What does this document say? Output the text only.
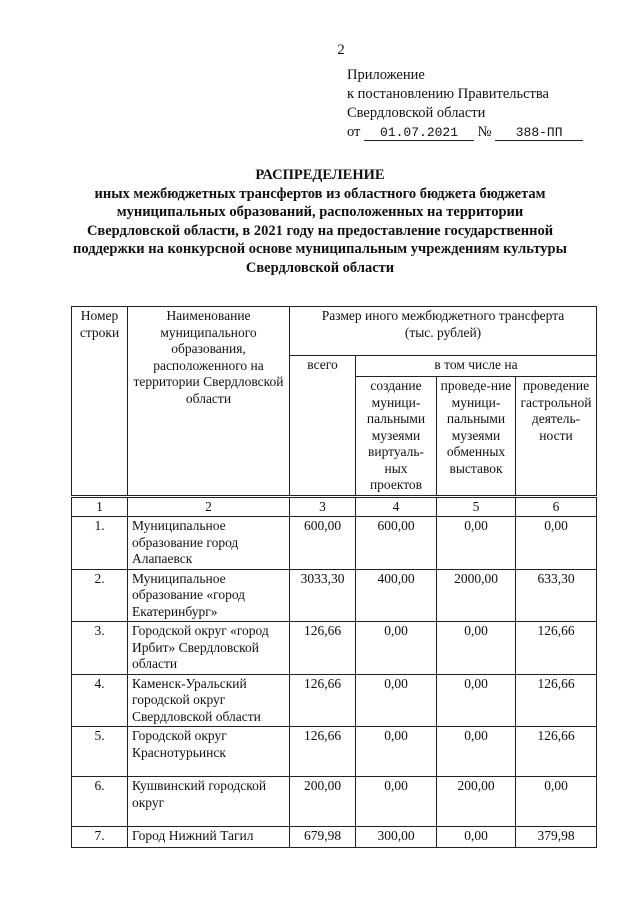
2
Приложение
к постановлению Правительства
Свердловской области
от 01.07.2021 № 388-ПП
РАСПРЕДЕЛЕНИЕ
иных межбюджетных трансфертов из областного бюджета бюджетам
муниципальных образований, расположенных на территории
Свердловской области, в 2021 году на предоставление государственной
поддержки на конкурсной основе муниципальным учреждениям культуры
Свердловской области
Номер строки	Наименование муниципального образования, расположенного на территории Свердловской области	Размер иного межбюджетного трансферта (тыс. рублей)			
		всего	в том числе на		
			создание муници-пальными музеями виртуаль-ных проектов	проведе-ние муници-пальными музеями обменных выставок	проведение гастрольной деятель-ности
1	2	3	4	5	6
1.	Муниципальное образование город Алапаевск	600,00	600,00	0,00	0,00
2.	Муниципальное образование «город Екатеринбург»	3033,30	400,00	2000,00	633,30
3.	Городской округ «город Ирбит» Свердловской области	126,66	0,00	0,00	126,66
4.	Каменск-Уральский городской округ Свердловской области	126,66	0,00	0,00	126,66
5.	Городской округ Краснотурьинск	126,66	0,00	0,00	126,66
6.	Кушвинский городской округ	200,00	0,00	200,00	0,00
7.	Город Нижний Тагил	679,98	300,00	0,00	379,98
